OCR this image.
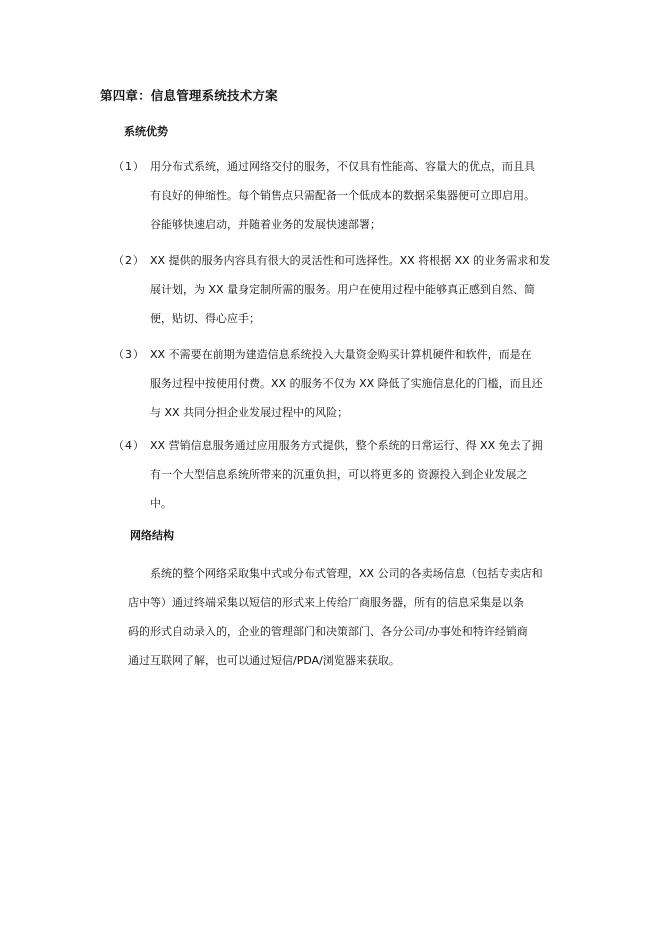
第四章：信息管理系统技术方案
系统优势
（1） 用分布式系统，通过网络交付的服务，不仅具有性能高、容量大的优点，而且具
有良好的伸缩性。每个销售点只需配备一个低成本的数据采集器便可立即启用。
谷能够快速启动，并随着业务的发展快速部署；
（2） XX 提供的服务内容具有很大的灵活性和可选择性。XX 将根据 XX 的业务需求和发
展计划，为 XX 量身定制所需的服务。用户在使用过程中能够真正感到自然、简
便，贴切、得心应手；
（3） XX 不需要在前期为建造信息系统投入大量资金购买计算机硬件和软件，而是在
服务过程中按使用付费。XX 的服务不仅为 XX 降低了实施信息化的门槛，而且还
与 XX 共同分担企业发展过程中的风险；
（4） XX 营销信息服务通过应用服务方式提供，整个系统的日常运行、得 XX 免去了拥
有一个大型信息系统所带来的沉重负担，可以将更多的 资源投入到企业发展之
中。
网络结构
系统的整个网络采取集中式或分布式管理，XX 公司的各卖场信息（包括专卖店和
店中等）通过终端采集以短信的形式来上传给厂商服务器，所有的信息采集是以条
码的形式自动录入的，企业的管理部门和决策部门、各分公司/办事处和特许经销商
通过互联网了解，也可以通过短信/PDA/浏览器来获取。
